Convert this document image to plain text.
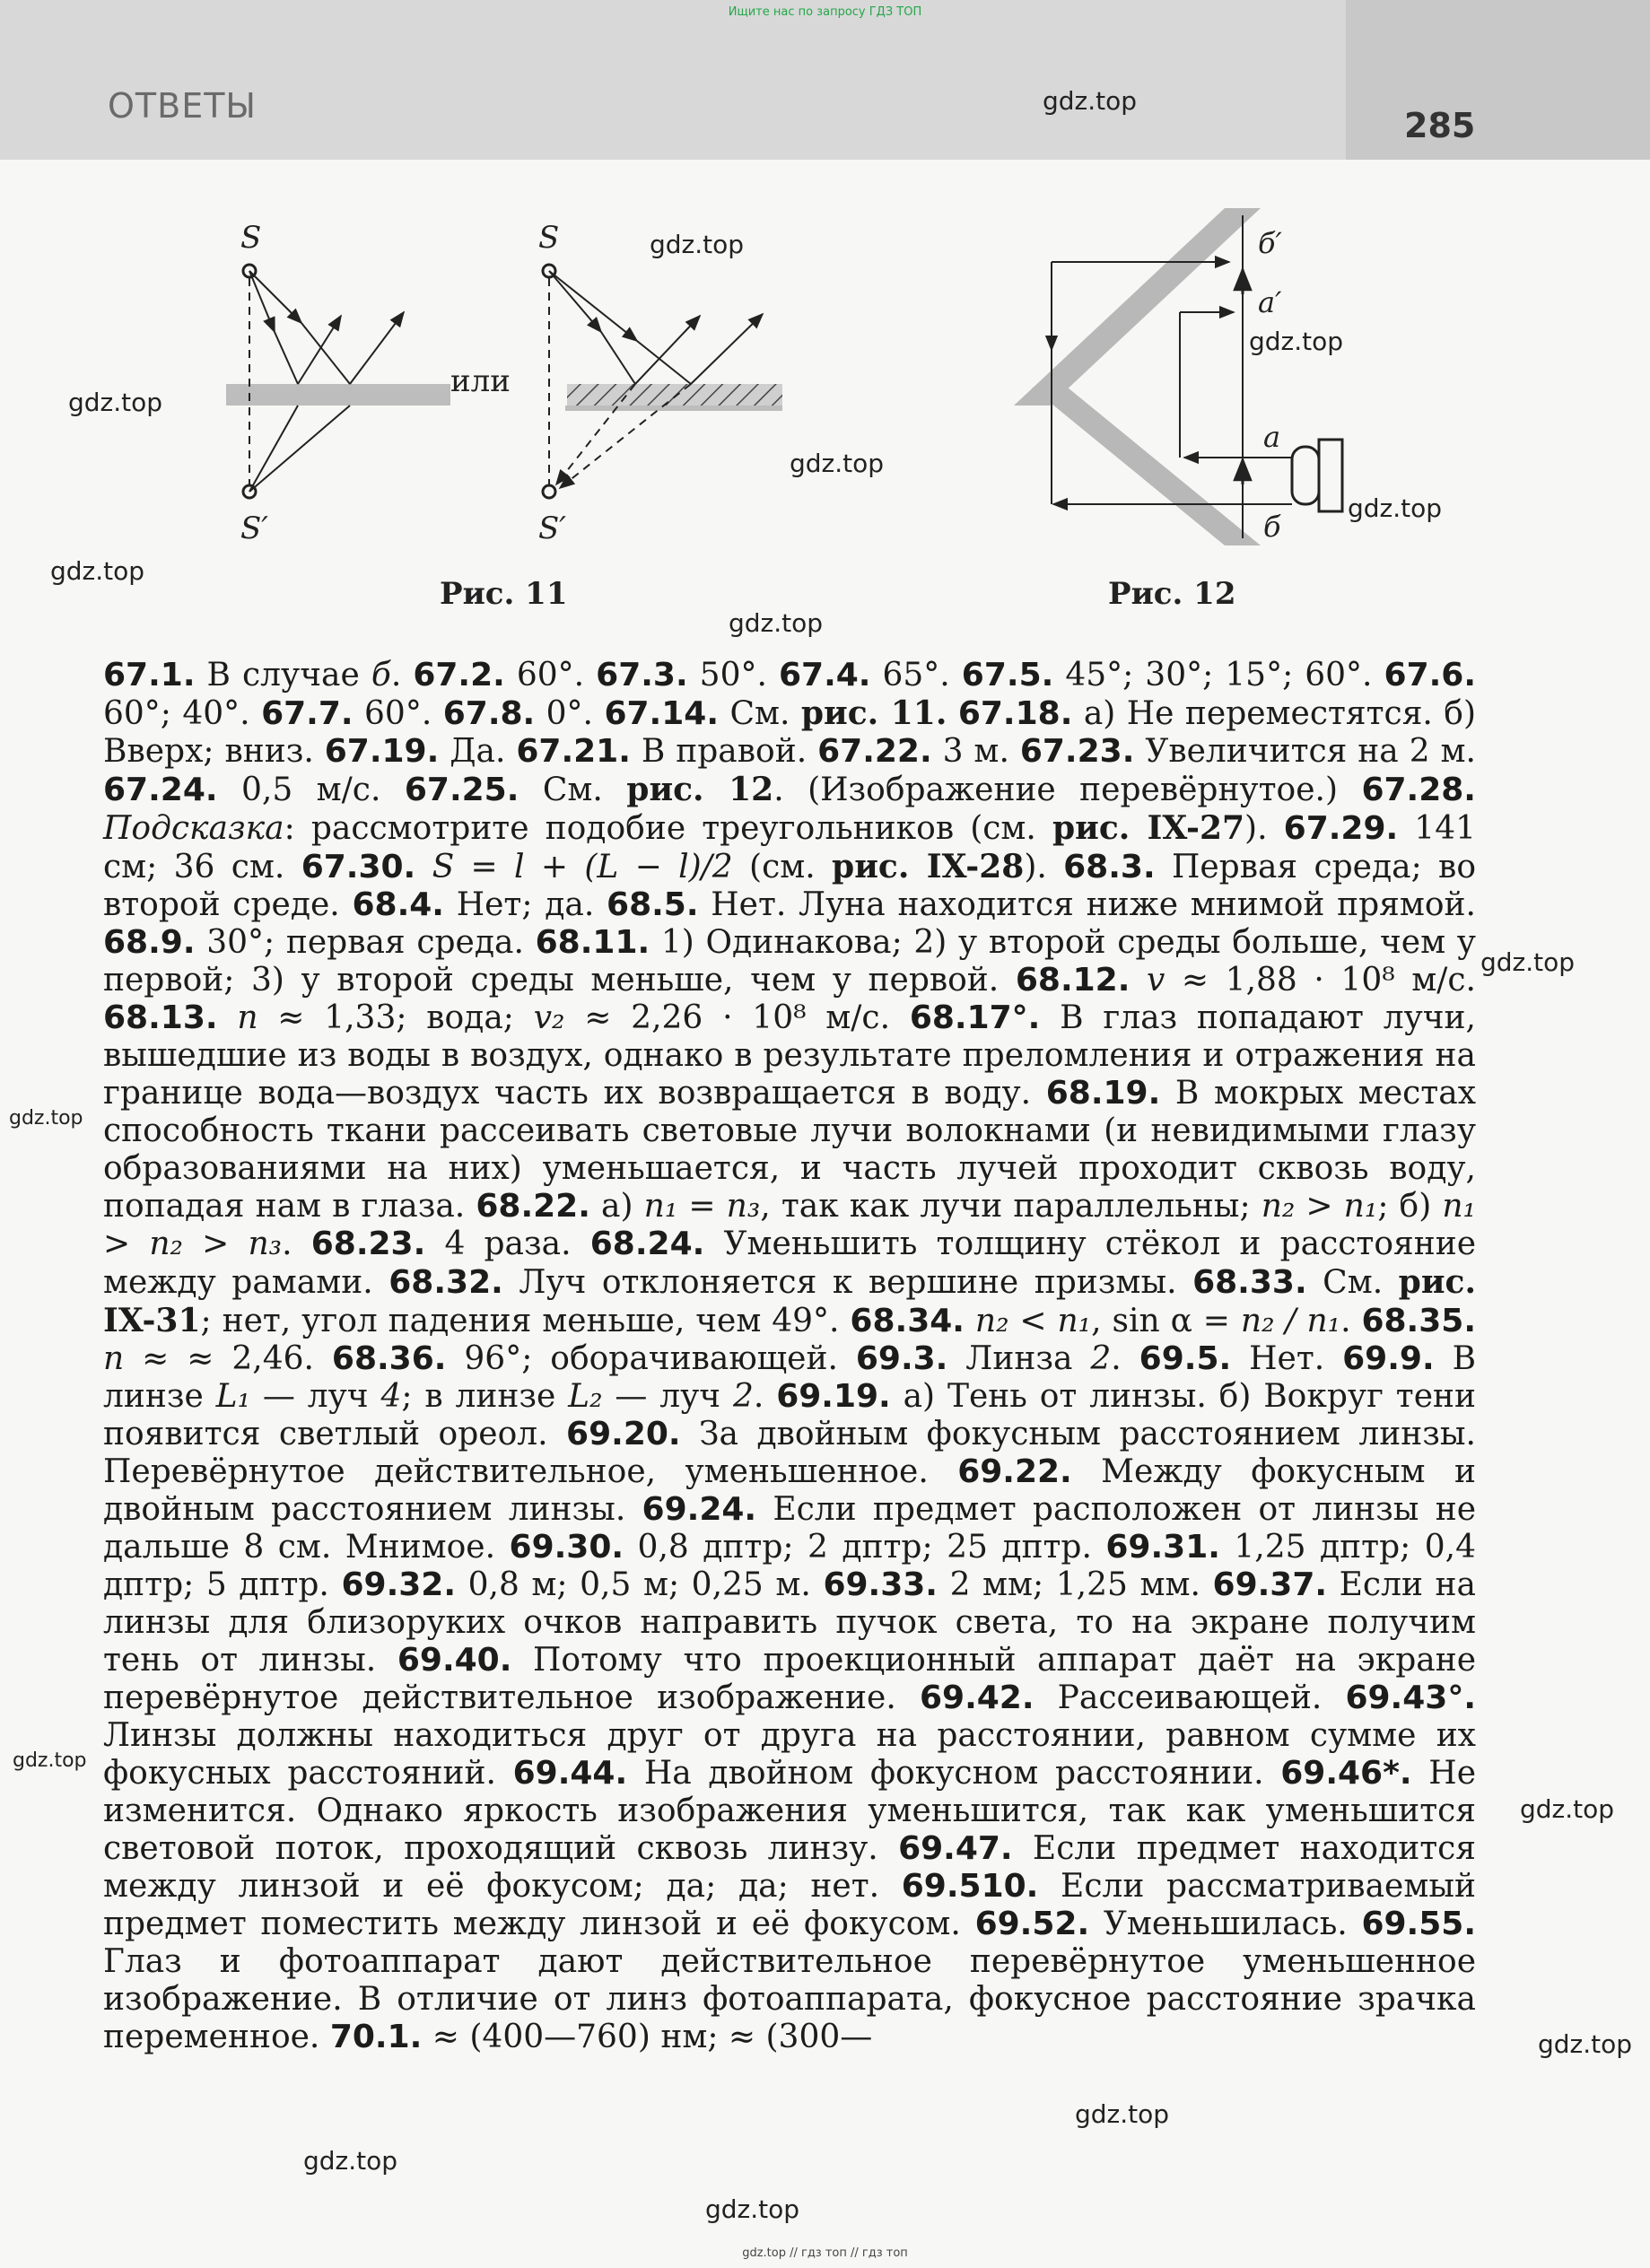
Ищите нас по запросу ГДЗ ТОП
ОТВЕТЫ	285
S
S′
или
S
S′
Рис. 11
б′
a′
a
б
Рис. 12

67.1. В случае б. 67.2. 60°. 67.3. 50°. 67.4. 65°. 67.5. 45°; 30°; 15°; 60°. 67.6. 60°; 40°. 67.7. 60°. 67.8. 0°. 67.14. См. рис. 11. 67.18. а) Не переместятся. б) Вверх; вниз. 67.19. Да. 67.21. В правой. 67.22. 3 м. 67.23. Увеличится на 2 м. 67.24. 0,5 м/с. 67.25. См. рис. 12. (Изображение перевёрнутое.) 67.28. Подсказка: рассмотрите подобие треугольников (см. рис. IX-27). 67.29. 141 см; 36 см. 67.30. S = l + (L − l)/2 (см. рис. IX-28). 68.3. Первая среда; во второй среде. 68.4. Нет; да. 68.5. Нет. Луна находится ниже мнимой прямой. 68.9. 30°; первая среда. 68.11. 1) Одинакова; 2) у второй среды больше, чем у первой; 3) у второй среды меньше, чем у первой. 68.12. v ≈ 1,88 · 10⁸ м/с. 68.13. n ≈ 1,33; вода; v₂ ≈ 2,26 · 10⁸ м/с. 68.17°. В глаз попадают лучи, вышедшие из воды в воздух, однако в результате преломления и отражения на границе вода—воздух часть их возвращается в воду. 68.19. В мокрых местах способность ткани рассеивать световые лучи волокнами (и невидимыми глазу образованиями на них) уменьшается, и часть лучей проходит сквозь воду, попадая нам в глаза. 68.22. а) n₁ = n₃, так как лучи параллельны; n₂ > n₁; б) n₁ > n₂ > n₃. 68.23. 4 раза. 68.24. Уменьшить толщину стёкол и расстояние между рамами. 68.32. Луч отклоняется к вершине призмы. 68.33. См. рис. IX-31; нет, угол падения меньше, чем 49°. 68.34. n₂ < n₁, sin α = n₂ / n₁. 68.35. n ≈ ≈ 2,46. 68.36. 96°; оборачивающей. 69.3. Линза 2. 69.5. Нет. 69.9. В линзе L₁ — луч 4; в линзе L₂ — луч 2. 69.19. а) Тень от линзы. б) Вокруг тени появится светлый ореол. 69.20. За двойным фокусным расстоянием линзы. Перевёрнутое действительное, уменьшенное. 69.22. Между фокусным и двойным расстоянием линзы. 69.24. Если предмет расположен от линзы не дальше 8 см. Мнимое. 69.30. 0,8 дптр; 2 дптр; 25 дптр. 69.31. 1,25 дптр; 0,4 дптр; 5 дптр. 69.32. 0,8 м; 0,5 м; 0,25 м. 69.33. 2 мм; 1,25 мм. 69.37. Если на линзы для близоруких очков направить пучок света, то на экране получим тень от линзы. 69.40. Потому что проекционный аппарат даёт на экране перевёрнутое действительное изображение. 69.42. Рассеивающей. 69.43°. Линзы должны находиться друг от друга на расстоянии, равном сумме их фокусных расстояний. 69.44. На двойном фокусном расстоянии. 69.46*. Не изменится. Однако яркость изображения уменьшится, так как уменьшится световой поток, проходящий сквозь линзу. 69.47. Если предмет находится между линзой и её фокусом; да; да; нет. 69.510. Если рассматриваемый предмет поместить между линзой и её фокусом. 69.52. Уменьшилась. 69.55. Глаз и фотоаппарат дают действительное перевёрнутое уменьшенное изображение. В отличие от линз фотоаппарата, фокусное расстояние зрачка переменное. 70.1. ≈ (400—760) нм; ≈ (300—

gdz.top
gdz.top
gdz.top
gdz.top
gdz.top
gdz.top
gdz.top
gdz.top
gdz.top
gdz.top
gdz.top
gdz.top
gdz.top
gdz.top
gdz.top
gdz.top
gdz.top // гдз топ // гдз топ
